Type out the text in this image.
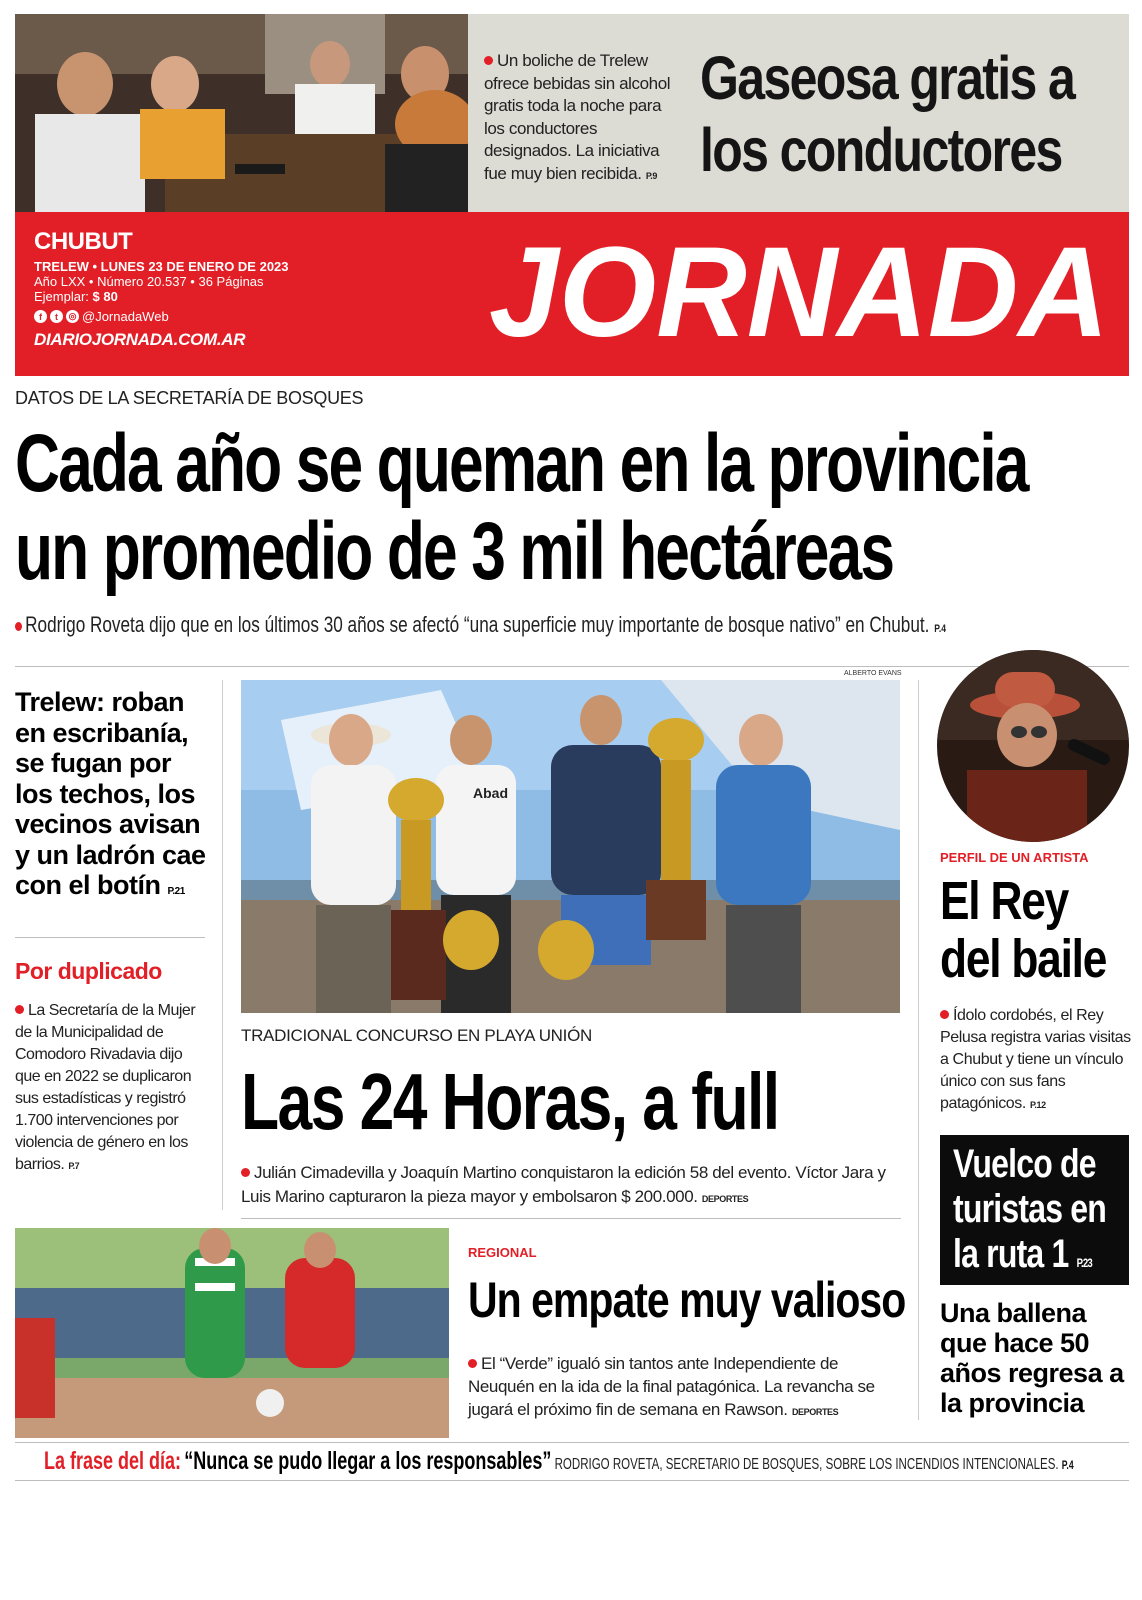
Un boliche de Trelew ofrece bebidas sin alcohol gratis toda la noche para los conductores designados. La iniciativa fue muy bien recibida. P.9
Gaseosa gratis a
los conductores
CHUBUT
TRELEW • LUNES 23 DE ENERO DE 2023
Año LXX • Número 20.537 • 36 Páginas
Ejemplar: $ 80
f	t	◎ @JornadaWeb
DIARIOJORNADA.COM.AR JORNADA
DATOS DE LA SECRETARÍA DE BOSQUES
Cada año se queman en la provincia
un promedio de 3 mil hectáreas
Rodrigo Roveta dijo que en los últimos 30 años se afectó “una superficie muy importante de bosque nativo” en Chubut. P.4
Trelew: roban en escribanía, se fugan por los techos, los vecinos avisan y un ladrón cae con el botín P.21
Por duplicado
La Secretaría de la Mujer de la Municipalidad de Comodoro Rivadavia dijo que en 2022 se duplicaron sus estadísticas y registró 1.700 intervenciones por violencia de género en los barrios. P.7
ALBERTO EVANS
Abad
TRADICIONAL CONCURSO EN PLAYA UNIÓN
Las 24 Horas, a full
Julián Cimadevilla y Joaquín Martino conquistaron la edición 58 del evento. Víctor Jara y Luis Marino capturaron la pieza mayor y embolsaron $ 200.000. DEPORTES
PERFIL DE UN ARTISTA
El Rey del baile
Ídolo cordobés, el Rey Pelusa registra varias visitas a Chubut y tiene un vínculo único con sus fans patagónicos. P.12
Vuelco de turistas en la ruta 1 P.23
Una ballena que hace 50 años regresa a la provincia
REGIONAL
Un empate muy valioso
El “Verde” igualó sin tantos ante Independiente de Neuquén en la ida de la final patagónica. La revancha se jugará el próximo fin de semana en Rawson. DEPORTES
La frase del día: “Nunca se pudo llegar a los responsables” RODRIGO ROVETA, SECRETARIO DE BOSQUES, SOBRE LOS INCENDIOS INTENCIONALES. P.4
